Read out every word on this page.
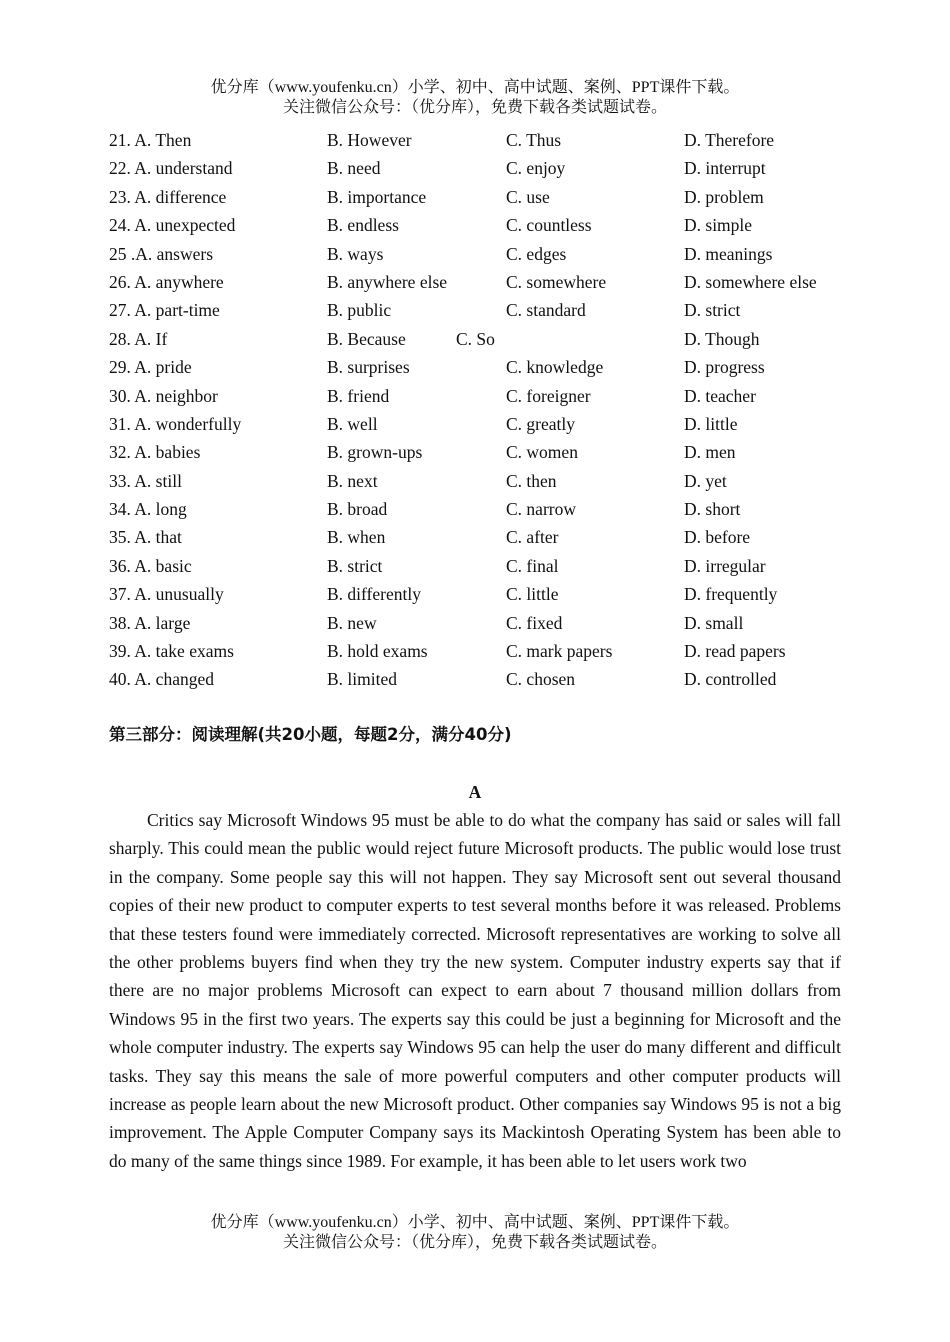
优分库（www.youfenku.cn）小学、初中、高中试题、案例、PPT课件下载。
关注微信公众号：（优分库），免费下载各类试题试卷。
21. A. Then	B. However	C. Thus	D. Therefore
22. A. understand	B. need	C. enjoy	D. interrupt
23. A. difference	B. importance	C. use	D. problem
24. A. unexpected	B. endless	C. countless	D. simple
25 .A. answers	B. ways	C. edges	D. meanings
26. A. anywhere	B. anywhere else	C. somewhere	D. somewhere else
27. A. part-time	B. public	C. standard	D. strict
28. A. If	B. Because	C. So	D. Though
29. A. pride	B. surprises	C. knowledge	D. progress
30. A. neighbor	B. friend	C. foreigner	D. teacher
31. A. wonderfully	B. well	C. greatly	D. little
32. A. babies	B. grown-ups	C. women	D. men
33. A. still	B. next	C. then	D. yet
34. A. long	B. broad	C. narrow	D. short
35. A. that	B. when	C. after	D. before
36. A. basic	B. strict	C. final	D. irregular
37. A. unusually	B. differently	C. little	D. frequently
38. A. large	B. new	C. fixed	D. small
39. A. take exams	B. hold exams	C. mark papers	D. read papers
40. A. changed	B. limited	C. chosen	D. controlled
第三部分：阅读理解(共20小题，每题2分，满分40分)
A

Critics say Microsoft Windows 95 must be able to do what the company has said or sales will fall sharply. This could mean the public would reject future Microsoft products. The public would lose trust in the company. Some people say this will not happen. They say Microsoft sent out several thousand copies of their new product to computer experts to test several months before it was released. Problems that these testers found were immediately corrected. Microsoft representatives are working to solve all the other problems buyers find when they try the new system. Computer industry experts say that if there are no major problems Microsoft can expect to earn about 7 thousand million dollars from Windows 95 in the first two years. The experts say this could be just a beginning for Microsoft and the whole computer industry. The experts say Windows 95 can help the user do many different and difficult tasks. They say this means the sale of more powerful computers and other computer products will increase as people learn about the new Microsoft product. Other companies say Windows 95 is not a big improvement. The Apple Computer Company says its Mackintosh Operating System has been able to do many of the same things since 1989. For example, it has been able to let users work two

优分库（www.youfenku.cn）小学、初中、高中试题、案例、PPT课件下载。
关注微信公众号：（优分库），免费下载各类试题试卷。
